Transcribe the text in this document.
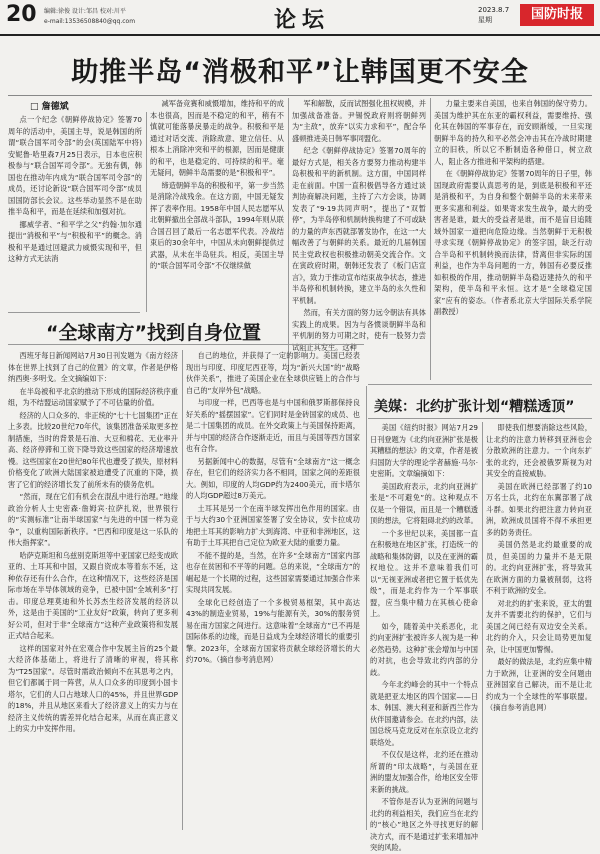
20 编辑:徐俊 设计:邹昌 校对:川平
e-mail:13536508840@qq.com	论坛	2023.8.7
星期	国防时报
助推半岛“消极和平”让韩国更不安全
□ 詹德斌

点一个纪念《朝鲜停战协定》签署70周年的活动中，美国主导，说是韩国的所谓“联合国军司令部”的会(英国陆军中将)安妮鲁·哈里森7月25日表示，日本也应积极参与“联合国军司令部”。无独有偶，韩国也在推动年内成为“联合国军司令部”的成员，还讨论新设“联合国军司令部”成员国国防部长会议。这些举动显然不是在助推半岛和平，而是在延续和加强对抗。

挪威学者、“和平学之父”约翰·加尔通提出“消极和平”与“积极和平”的概念。消极和平是通过回避武力威慑实现和平，但这种方式无法消

减军备竞赛和威慑增加，维持和平的成本也很高，因而是不稳定的和平，稍有不慎就可能落暴戾暴走的战争。积极和平是通过对话交流、消除敌意、建立信任、从根本上消除冲突和平的根源，因而是健康的和平，也是稳定的、可持续的和平。毫无疑问，朝鲜半岛需要的是“积极和平”。

缔造朝鲜半岛的积极和平，第一步当然是消除冷战残余。在这方面，中国无疑发挥了表率作用。1958年中国人民志愿军从北朝鲜撤出全部战斗部队，1994年则从联合国召回了最后一名志愿军代表。冷战结束后的30余年中，中国从未向朝鲜提供过武器，从未在半岛驻兵。相反，美国主导的“联合国军司令部”不仅继续做

军和解散，反而试图强化扭权规模，并加强战备准备。尹锡悦政府则将朝鲜列为“主敌”，放弃“以实力求和平”，配合华盛顿推进美日韩军事同盟化。

纪念《朝鲜停战协定》签署70周年的最好方式是，相关各方要努力推动构建半岛积极和平的新机制。这方面，中国同样走在前面。中国一直积极倡导各方通过谈判协商解决问题，主持了六方会谈，协调发表了“9·19共同声明”，提出了“双暂停”，为半岛停和机制转换构建了不可或缺的力量的声东西就部署发协作，在这一“大幅改善了与朝鲜的关系。最近的几届韩国民主党政权也积极推动朝美交流合作。文在寅政府时期，朝韩还发表了《板门店宣言》，致力于推动宣布结束战争状态，推进半岛停和机制转换，建立半岛的永久性和平机制。

然而，有关方面的努力远令朝法有具体实践上的成果。因为与各惯谈朝鲜半岛和平机制的努力可期之时，使有一股努力尝试阻止其发生。这种

力量主要来自美国，也来自韩国的保守势力。美国为维护其在东亚的霸权利益，需要维持、强化其在韩国的军事存在，而安顾渐缓，一旦实现朝鲜半岛的持久和平必然会冲击其在冷战时期建立的旧秩，所以它不断制造各种借口，树立敌人，阻止各方推进和平架构的搭建。

在《朝鲜停战协定》签署70周年的日子里，韩国现政府需要认真思考的是，到底是积极和平还是消极和平，为自身和整个朝鲜半岛的未来带来更多实惠和利益。如果寄求发生战争，最大的受害者是谁，最大的受益者是谁，而不是盲目追随域外国家一道把向危险边缘。当然朝鲜于无积极寻求实现《朝鲜停战协定》的签字国，缺乏行动合半岛和平机制转换而法律，背离但非实际的国利益，也作为半岛问题的一方，韩国有必要反推如积极的作用，推动朝鲜半岛稳迈建持久的和平架构，使半岛和平永恒。这才是“全球稳定国家”应有的姿态。（作者系北京大学国际关系学院副教授）

“全球南方”找到自身位置

西班牙每日新闻网站7月30日刊发题为《南方经济体在世界上找到了自己的位置》的文章，作者是伊格纳西奥·多明戈。全文摘编如下：

在半岛被和平北京的推动下形成的国际经济秩序重组，为不结盟运动国家赋予了不可估量的价值。

经济的人口众多的、非正统的“七十七国集团”正在上多表。比较20世纪70年代，该集团准备采取更多控制措施，当时的背景是石油、大豆和棉花、无业率升高、经济停滞和工资下降导致这些国家的经济增速放慢。这些国家在20世纪80年代也遭受了损失，原材料价格变化了欧洲大陆国家被迫遭受了沉重的下降，损害了它们的经济增长发了前所未有的债务危机。

“然而，现在它们有机会在混乱中进行治理。”地缘政治分析人士史密森·詹姆宾·拉萨扎说，世界银行的“实测标准”让南半球国家“与先进的中国一样为竞争”，以重构国际新秩序。“巴西和印度是这一乐队的伟大指挥家”。

哈萨克斯坦和乌兹别克斯坦等中亚国家已经变成欧亚的、土耳其和中国，又跟自资成本等着东不延，这种依存还有什么合作，在这种情况下，这些经济是国际市场在半导体领域的竞争，已被中国“全域利多”打击。印度总理莫迪和外长苏杰生经济发展的经济以外，这是由于美国的“工业友好”政策，转向了更多利好公司，但对于非“全球南方”这种产业政策将和发展正式结合起来。

这样的国家对外在宏观合作中发展主旨的25个最大经济体基础上，将进行了清晰的审视，将其称为“T25国家”。尽管时需政治倾向不在其思考之内，但它们都属于同一阵营，从人口众多的印度到小国卡塔尔，它们的人口占地球人口的45%，并且世界GDP的18%，并且从地区来看大了经济意义上的实力与在经济主义传统的需差异化结合起来，从而在真正意义上的实力中发挥作用。

自己的地位，并获得了一定的影响力。美国已经表现出与印度、印度尼西亚等，均为“新兴大国”的“战略伙伴关系”，推进了美国企业在全球供应链上的合作与自己的“友岸外包”战略。

与印度一样，巴西等也是与中国和俄罗斯都保持良好关系的“摇摆国家”。它们同时是金砖国家的成员、也是二十国集团的成员。在外交政策上与美国保持距离，并与中国的经济合作逐渐走近，而且与美国等西方国家也有合作。

另据新闻中心的数据，尽管有“全球南方”这一概念存在，但它们的经济实力各不相同，国家之间的差距很大。例如，印度的人均GDP约为2400美元，而卡塔尔的人均GDP超过8万美元。

土耳其是另一个在南半球发挥出色作用的国家。由于与大约30个亚洲国家签署了安全协议，安卡拉成功地把土耳其的影响力扩大到海湾、中亚和非洲地区，这有助于土耳其把自己定位为欧亚大陆的重要力量。

不能不提的是，当然，在许多“全球南方”国家内部也存在贫困和不平等的问题。总的来说，“全球南方”的崛起是一个长期的过程，这些国家需要通过加强合作来实现共同发展。

全球化已经创造了一个多极贸易框架，其中高达43%的制造业贸易，19%与能源有关，30%的服务贸易在南方国家之间进行。这意味着“全球南方”已不再是国际体系的边缘，而是日益成为全球经济增长的重要引擎。2023年，全球南方国家将贡献全球经济增长的大约70%。（摘自参考消息网）

美媒：北约扩张计划“糟糕透顶”

美国《纽约时报》网站7月29日刊登题为《北约向亚洲扩张是极其糟糕的想法》的文章，作者是被归国防大学的理论学者赫施·马尔·史密斯。文章编摘如下：

美国政府表示，北约向亚洲扩张是“不可避免”的。这种观点不仅是一个错误，而且是一个糟糕透顶的想法，它将阻碍北约的改革。

一个多世纪以来，美国都一直在积极地在地区扩张，打造统一的战略和集体防御，以及在亚洲的霸权地位。这并不意味着我们可以“无视亚洲或者把它置于低优先级”，而是北约作为一个军事联盟，应当集中精力在其核心使命上。

如今，随着美中关系恶化，北约向亚洲扩张被许多人视为是一种必然趋势。这种扩张会增加与中国的对抗，也会导致北约内部的分歧。

今年北约峰会的其中一个特点就是把亚太地区的四个国家——日本、韩国、澳大利亚和新西兰作为伙伴国邀请参会。在北约内部，法国总统马克龙反对在东京设立北约联络处。

不仅仅是这样，北约还在推动所谓的“印太战略”，与美国在亚洲的盟友加强合作，给地区安全带来新的挑战。

不管你是否认为亚洲的问题与北约的利益相关，我们应当在北约的“核心”地区之外寻找更好的解决方式，而不是通过扩张来增加冲突的风险。

即使我们想要消除这些风险，让北约的注意力转移到亚洲也会分散欧洲的注意力。一个向东扩张的北约，还会被俄罗斯视为对其安全的直接威胁。

美国在欧洲已经部署了约10万名士兵，北约在东翼部署了战斗群。如果北约把注意力转向亚洲，欧洲成员国将不得不承担更多的防务责任。

美国仍然是北约最重要的成员，但美国的力量并不是无限的。北约向亚洲扩张，将导致其在欧洲方面的力量被削弱，这将不利于欧洲的安全。

对北约的扩张来说，亚太的盟友并不需要北约的保护，它们与美国之间已经有双边安全关系。北约的介入，只会让局势更加复杂，让中国更加警惕。

最好的做法是，北约应集中精力于欧洲，让亚洲的安全问题由亚洲国家自己解决，而不是让北约成为一个全球性的军事联盟。（摘自参考消息网）
